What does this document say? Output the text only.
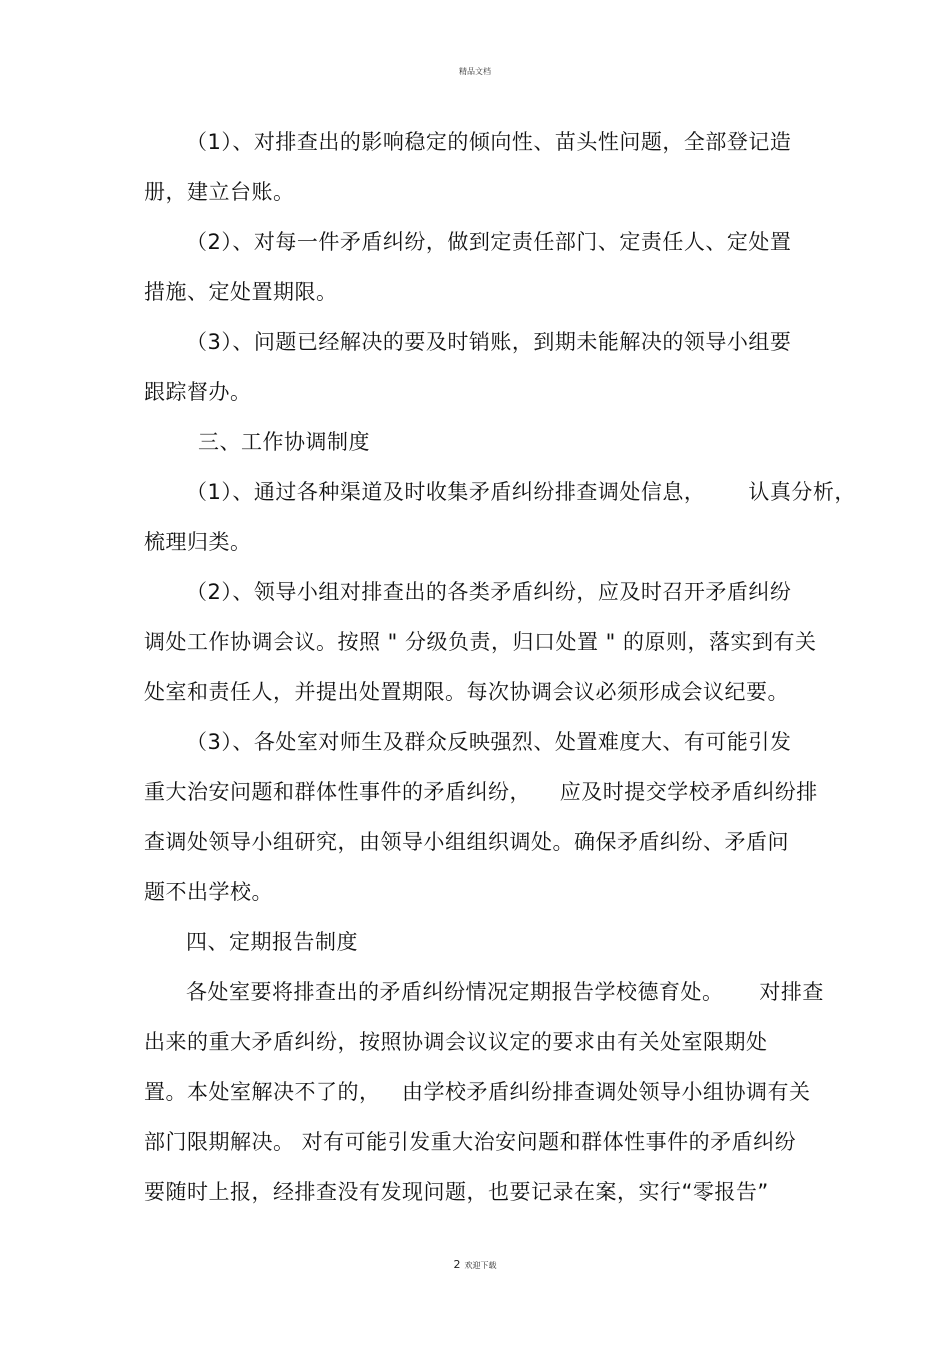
精品文档
（1）、对排查出的影响稳定的倾向性、苗头性问题，全部登记造
册，建立台账。
（2）、对每一件矛盾纠纷，做到定责任部门、定责任人、定处置
措施、定处置期限。
（3）、问题已经解决的要及时销账，到期未能解决的领导小组要
跟踪督办。
三、工作协调制度
（1）、通过各种渠道及时收集矛盾纠纷排查调处信息，      认真分析，
梳理归类。
（2）、领导小组对排查出的各类矛盾纠纷，应及时召开矛盾纠纷
调处工作协调会议。按照 " 分级负责，归口处置 " 的原则，落实到有关
处室和责任人，并提出处置期限。每次协调会议必须形成会议纪要。
（3）、各处室对师生及群众反映强烈、处置难度大、有可能引发
重大治安问题和群体性事件的矛盾纠纷，    应及时提交学校矛盾纠纷排
查调处领导小组研究，由领导小组组织调处。确保矛盾纠纷、矛盾问
题不出学校。
四、定期报告制度
各处室要将排查出的矛盾纠纷情况定期报告学校德育处。     对排查
出来的重大矛盾纠纷，按照协调会议议定的要求由有关处室限期处
置。本处室解决不了的，   由学校矛盾纠纷排查调处领导小组协调有关
部门限期解决。 对有可能引发重大治安问题和群体性事件的矛盾纠纷
要随时上报，经排查没有发现问题，也要记录在案，实行“零报告”
2 欢迎下载
